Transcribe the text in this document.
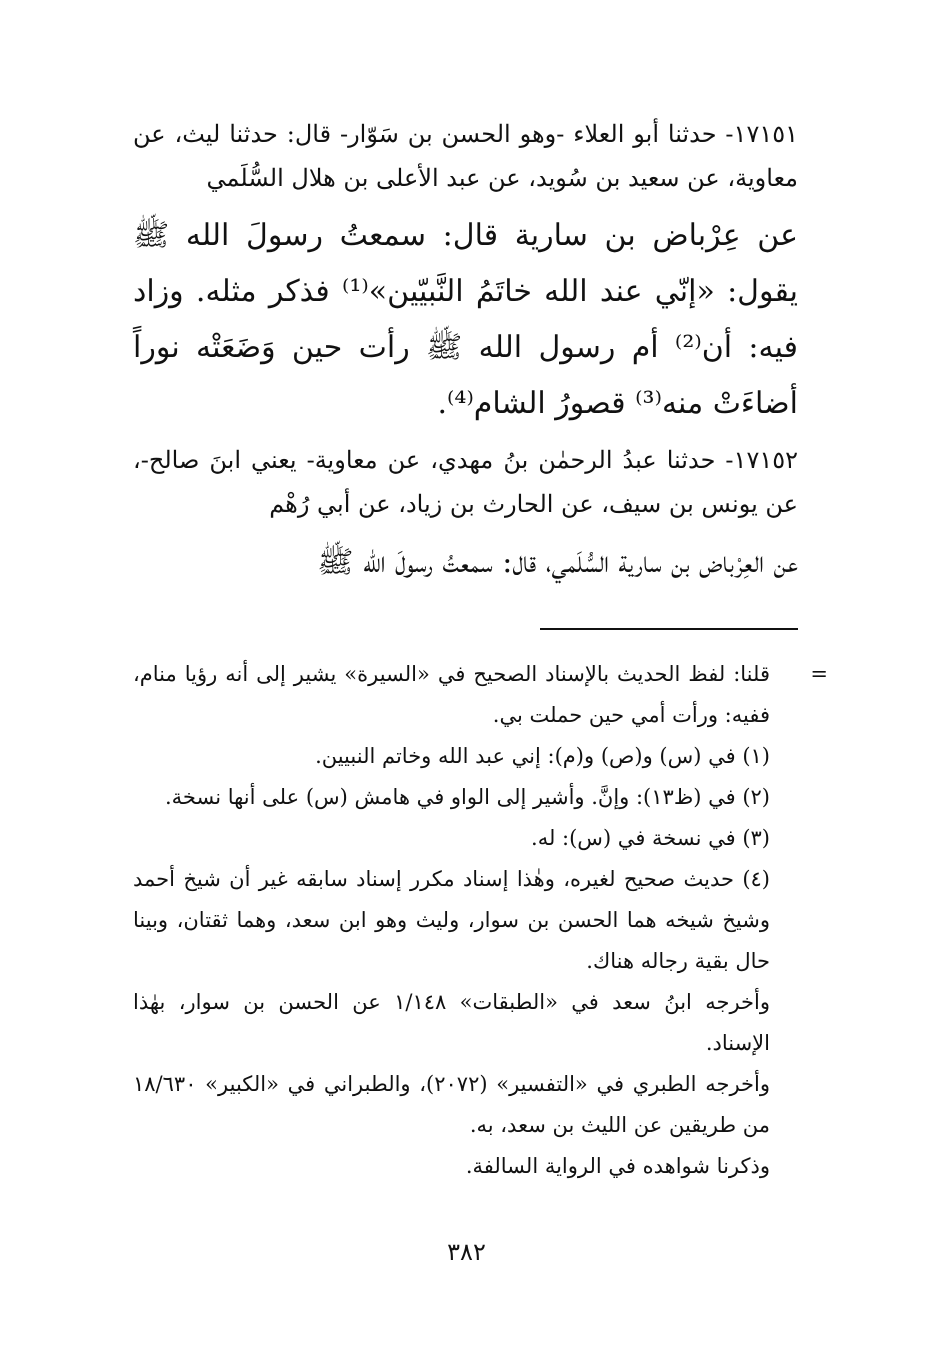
١٧١٥١- حدثنا أبو العلاء -وهو الحسن بن سَوّار- قال: حدثنا ليث، عن معاوية، عن سعيد بن سُويد، عن عبد الأعلى بن هلال السُّلَمي
عن عِرْباض بن سارية قال: سمعتُ رسولَ الله ﷺ يقول: «إنّي عند الله خاتَمُ النَّبيّين»⁽¹⁾ فذكر مثله. وزاد فيه: أن⁽²⁾ أم رسول الله ﷺ رأت حين وَضَعَتْه نوراً أضاءَتْ منه⁽³⁾ قصورُ الشام⁽⁴⁾.
١٧١٥٢- حدثنا عبدُ الرحمٰن بنُ مهدي، عن معاوية- يعني ابنَ صالح-، عن يونس بن سيف، عن الحارث بن زياد، عن أبي رُهْم
عن العِرْباض بن سارية السُّلَمي، قال: سمعتُ رسولَ الله ﷺ

=
قلنا: لفظ الحديث بالإسناد الصحيح في «السيرة» يشير إلى أنه رؤيا منام، ففيه: ورأت أمي حين حملت بي.

(١) في (س) و(ص) و(م): إني عبد الله وخاتم النبيين.

(٢) في (ظ١٣): وإنَّ. وأشير إلى الواو في هامش (س) على أنها نسخة.

(٣) في نسخة في (س): له.

(٤) حديث صحيح لغيره، وهٰذا إسناد مكرر إسناد سابقه غير أن شيخ أحمد وشيخ شيخه هما الحسن بن سوار، وليث وهو ابن سعد، وهما ثقتان، وبينا حال بقية رجاله هناك.

وأخرجه ابنُ سعد في «الطبقات» ١/١٤٨ عن الحسن بن سوار، بهٰذا الإسناد.

وأخرجه الطبري في «التفسير» (٢٠٧٢)، والطبراني في «الكبير» ١٨/٦٣٠ من طريقين عن الليث بن سعد، به.

وذكرنا شواهده في الرواية السالفة.

٣٨٢
